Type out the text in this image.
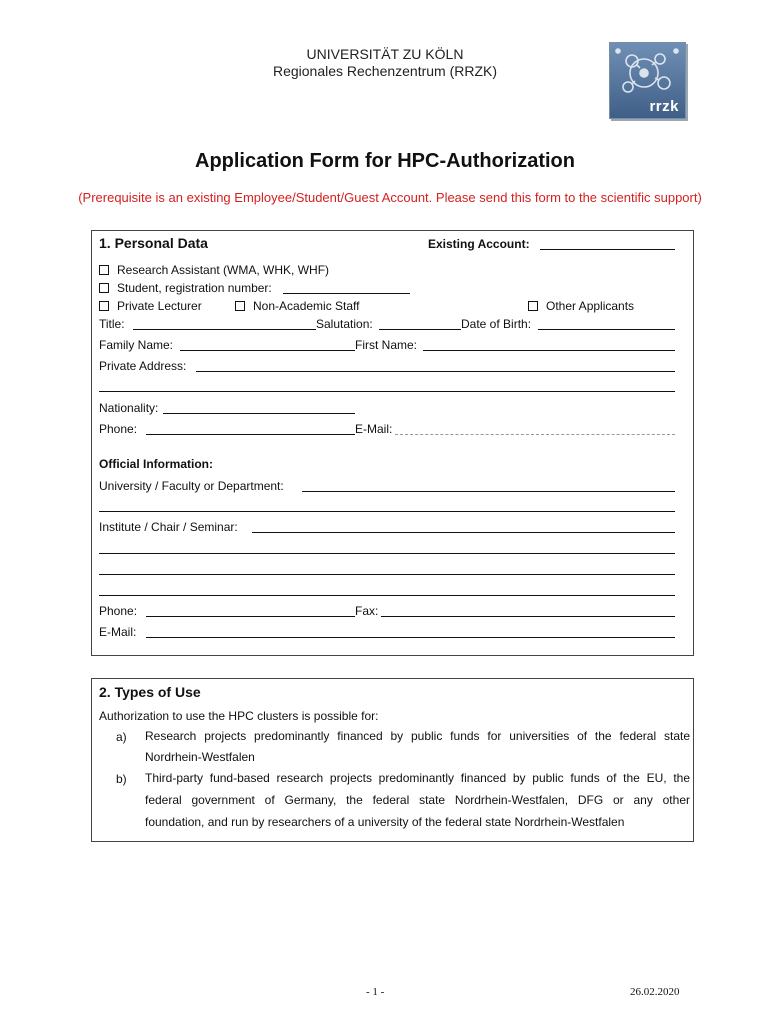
UNIVERSITÄT ZU KÖLN
Regionales Rechenzentrum (RRZK)
rrzk
Application Form for HPC-Authorization
(Prerequisite is an existing Employee/Student/Guest Account. Please send this form to the scientific support)
1. Personal Data	Existing Account:
Research Assistant (WMA, WHK, WHF)
Student, registration number:
Private Lecturer	Non-Academic Staff	Other Applicants
Title:	Salutation:	Date of Birth:
Family Name:	First Name:
Private Address:
Nationality:
Phone:	E-Mail:
Official Information:
University / Faculty or Department:
Institute / Chair / Seminar:
Phone:	Fax:
E-Mail:
2. Types of Use
Authorization to use the HPC clusters is possible for:
a) Research projects predominantly financed by public funds for universities of the federal state
Nordrhein-Westfalen
b) Third-party fund-based research projects predominantly financed by public funds of the EU, the
federal government of Germany, the federal state Nordrhein-Westfalen, DFG or any other
foundation, and run by researchers of a university of the federal state Nordrhein-Westfalen
- 1 -	26.02.2020
